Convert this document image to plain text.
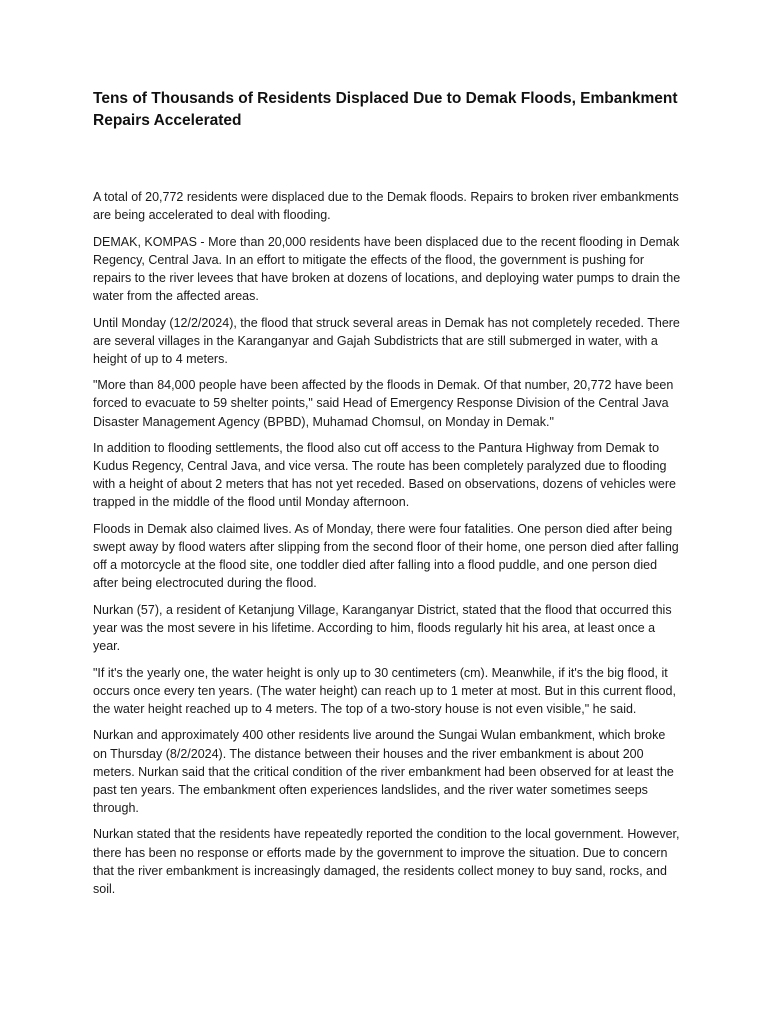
Tens of Thousands of Residents Displaced Due to Demak Floods, Embankment Repairs Accelerated

A total of 20,772 residents were displaced due to the Demak floods. Repairs to broken river embankments are being accelerated to deal with flooding.

DEMAK, KOMPAS - More than 20,000 residents have been displaced due to the recent flooding in Demak Regency, Central Java. In an effort to mitigate the effects of the flood, the government is pushing for repairs to the river levees that have broken at dozens of locations, and deploying water pumps to drain the water from the affected areas.

Until Monday (12/2/2024), the flood that struck several areas in Demak has not completely receded. There are several villages in the Karanganyar and Gajah Subdistricts that are still submerged in water, with a height of up to 4 meters.

"More than 84,000 people have been affected by the floods in Demak. Of that number, 20,772 have been forced to evacuate to 59 shelter points," said Head of Emergency Response Division of the Central Java Disaster Management Agency (BPBD), Muhamad Chomsul, on Monday in Demak."

In addition to flooding settlements, the flood also cut off access to the Pantura Highway from Demak to Kudus Regency, Central Java, and vice versa. The route has been completely paralyzed due to flooding with a height of about 2 meters that has not yet receded. Based on observations, dozens of vehicles were trapped in the middle of the flood until Monday afternoon.

Floods in Demak also claimed lives. As of Monday, there were four fatalities. One person died after being swept away by flood waters after slipping from the second floor of their home, one person died after falling off a motorcycle at the flood site, one toddler died after falling into a flood puddle, and one person died after being electrocuted during the flood.

Nurkan (57), a resident of Ketanjung Village, Karanganyar District, stated that the flood that occurred this year was the most severe in his lifetime. According to him, floods regularly hit his area, at least once a year.

"If it's the yearly one, the water height is only up to 30 centimeters (cm). Meanwhile, if it's the big flood, it occurs once every ten years. (The water height) can reach up to 1 meter at most. But in this current flood, the water height reached up to 4 meters. The top of a two-story house is not even visible," he said.

Nurkan and approximately 400 other residents live around the Sungai Wulan embankment, which broke on Thursday (8/2/2024). The distance between their houses and the river embankment is about 200 meters. Nurkan said that the critical condition of the river embankment had been observed for at least the past ten years. The embankment often experiences landslides, and the river water sometimes seeps through.

Nurkan stated that the residents have repeatedly reported the condition to the local government. However, there has been no response or efforts made by the government to improve the situation. Due to concern that the river embankment is increasingly damaged, the residents collect money to buy sand, rocks, and soil.
